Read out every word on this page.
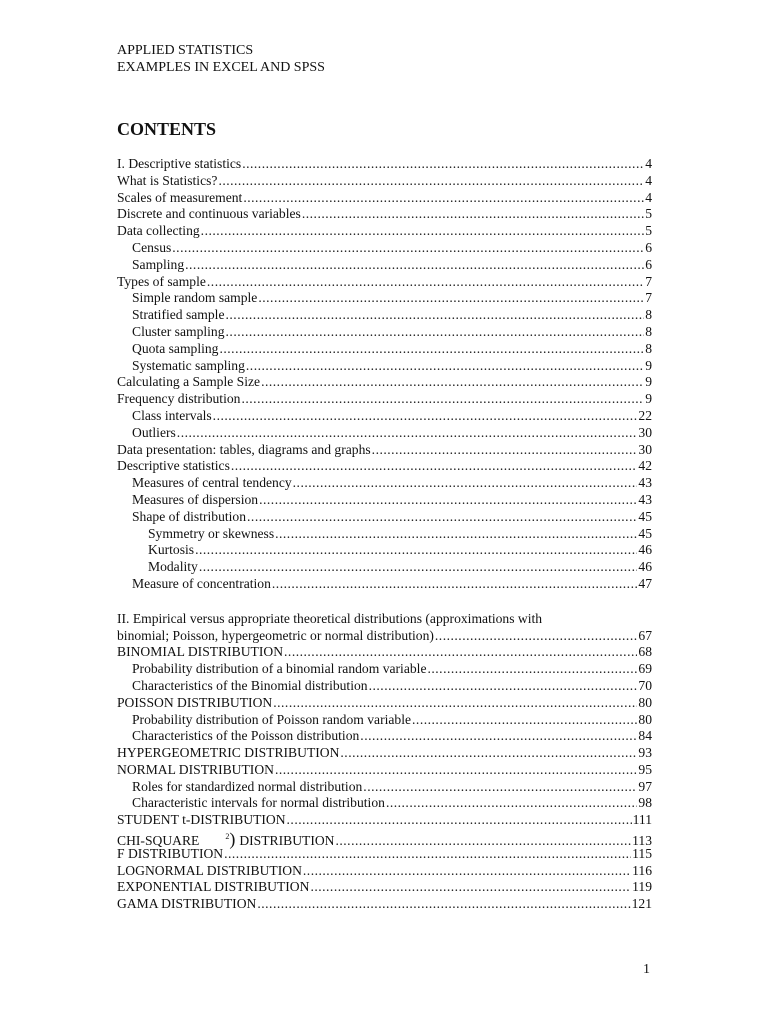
APPLIED STATISTICS
EXAMPLES IN EXCEL AND SPSS
CONTENTS
I. Descriptive statistics .....	4
What is Statistics? .....	4
Scales of measurement .....	4
Discrete and continuous variables .....	5
Data collecting .....	5
Census .....	6
Sampling .....	6
Types of sample .....	7
Simple random sample .....	7
Stratified sample .....	8
Cluster sampling .....	8
Quota sampling .....	8
Systematic sampling .....	9
Calculating a Sample Size .....	9
Frequency distribution .....	9
Class intervals .....	22
Outliers .....	30
Data presentation: tables, diagrams and graphs .....	30
Descriptive statistics .....	42
Measures of central tendency .....	43
Measures of dispersion .....	43
Shape of distribution .....	45
Symmetry or skewness .....	45
Kurtosis .....	46
Modality .....	46
Measure of concentration .....	47
II. Empirical versus appropriate theoretical distributions (approximations with
binomial; Poisson, hypergeometric or normal distribution) .....	67
BINOMIAL DISTRIBUTION .....	68
Probability distribution of a binomial random variable .....	69
Characteristics of the Binomial distribution .....	70
POISSON DISTRIBUTION .....	80
Probability distribution of Poisson random variable .....	80
Characteristics of the Poisson distribution .....	84
HYPERGEOMETRIC DISTRIBUTION .....	93
NORMAL DISTRIBUTION .....	95
Roles for standardized normal distribution .....	97
Characteristic intervals for normal distribution .....	98
STUDENT t-DISTRIBUTION .....	111
CHI-SQUARE	$^2$) DISTRIBUTION .....	113
F DISTRIBUTION .....	115
LOGNORMAL DISTRIBUTION .....	116
EXPONENTIAL DISTRIBUTION .....	119
GAMA DISTRIBUTION .....	121
1
